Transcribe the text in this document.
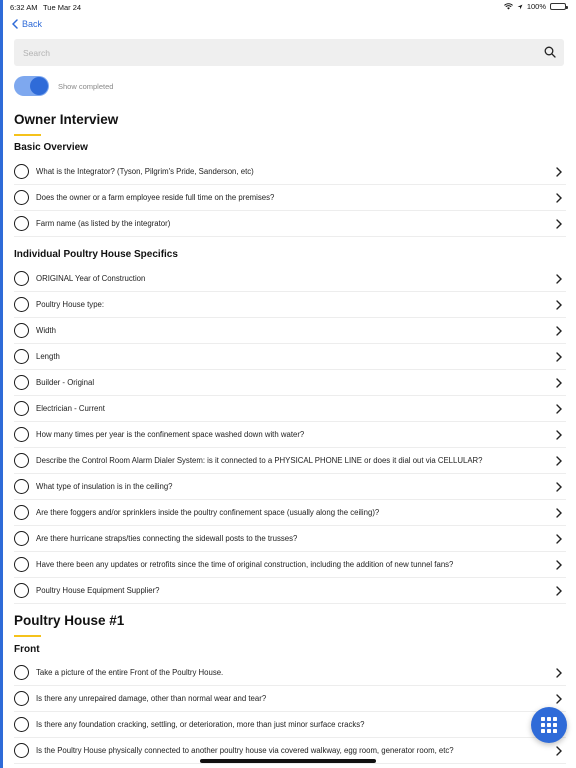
6:32 AM Tue Mar 24	100%
Back
Search
Show completed
Owner Interview
Basic Overview
What is the Integrator? (Tyson, Pilgrim's Pride, Sanderson, etc)
Does the owner or a farm employee reside full time on the premises?
Farm name (as listed by the integrator)
Individual Poultry House Specifics
ORIGINAL Year of Construction
Poultry House type:
Width
Length
Builder - Original
Electrician - Current
How many times per year is the confinement space washed down with water?
Describe the Control Room Alarm Dialer System: is it connected to a PHYSICAL PHONE LINE or does it dial out via CELLULAR?
What type of insulation is in the ceiling?
Are there foggers and/or sprinklers inside the poultry confinement space (usually along the ceiling)?
Are there hurricane straps/ties connecting the sidewall posts to the trusses?
Have there been any updates or retrofits since the time of original construction, including the addition of new tunnel fans?
Poultry House Equipment Supplier?
Poultry House #1
Front
Take a picture of the entire Front of the Poultry House.
Is there any unrepaired damage, other than normal wear and tear?
Is there any foundation cracking, settling, or deterioration, more than just minor surface cracks?
Is the Poultry House physically connected to another poultry house via covered walkway, egg room, generator room, etc?
